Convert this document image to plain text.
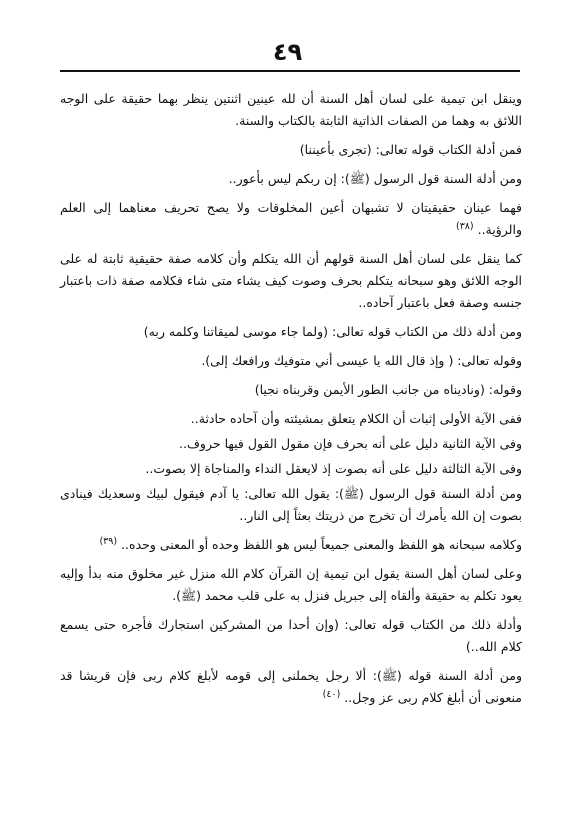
٤٩

وينقل ابن تيمية على لسان أهل السنة أن لله عينين اثنتين ينظر بهما حقيقة على الوجه اللائق به وهما من الصفات الذاتية الثابتة بالكتاب والسنة.

فمن أدلة الكتاب قوله تعالى: (تجرى بأعيننا)

ومن أدلة السنة قول الرسول (ﷺ): إن ربكم ليس بأعور..

فهما عينان حقيقيتان لا تشبهان أعين المخلوقات ولا يصح تحريف معناهما إلى العلم والرؤية.. $^{(٣٨)}$

كما ينقل على لسان أهل السنة قولهم أن الله يتكلم وأن كلامه صفة حقيقية ثابتة له على الوجه اللائق وهو سبحانه يتكلم بحرف وصوت كيف يشاء متى شاء فكلامه صفة ذات باعتبار جنسه وصفة فعل باعتبار آحاده..

ومن أدلة ذلك من الكتاب قوله تعالى: (ولما جاء موسى لميقاتنا وكلمه ربه)

وقوله تعالى: ( وإذ قال الله يا عيسى أني متوفيك ورافعك إلى).

وقوله: (وناديناه من جانب الطور الأيمن وقربناه نجيا)

ففى الآية الأولى إثبات أن الكلام يتعلق بمشيئته وأن آحاده حادثة..

وفى الآية الثانية دليل على أنه بحرف فإن مقول القول فيها حروف..

وفى الآية الثالثة دليل على أنه بصوت إذ لايعقل النداء والمناجاة إلا بصوت..

ومن أدلة السنة قول الرسول (ﷺ): يقول الله تعالى: يا آدم فيقول لبيك وسعديك فينادى بصوت إن الله يأمرك أن تخرج من ذريتك بعثاً إلى النار..

وكلامه سبحانه هو اللفظ والمعنى جميعاً ليس هو اللفظ وحده أو المعنى وحده.. $^{(٣٩)}$

وعلى لسان أهل السنة يقول ابن تيمية إن القرآن كلام الله منزل غير مخلوق منه بدأ وإليه يعود تكلم به حقيقة وألقاه إلى جبريل فنزل به على قلب محمد (ﷺ).

وأدلة ذلك من الكتاب قوله تعالى: (وإن أحدا من المشركين استجارك فأجره حتى يسمع كلام الله..)

ومن أدلة السنة قوله (ﷺ): ألا رجل يحملنى إلى قومه لأبلغ كلام ربى فإن قريشا قد منعونى أن أبلغ كلام ربى عز وجل.. $^{(٤٠)}$
